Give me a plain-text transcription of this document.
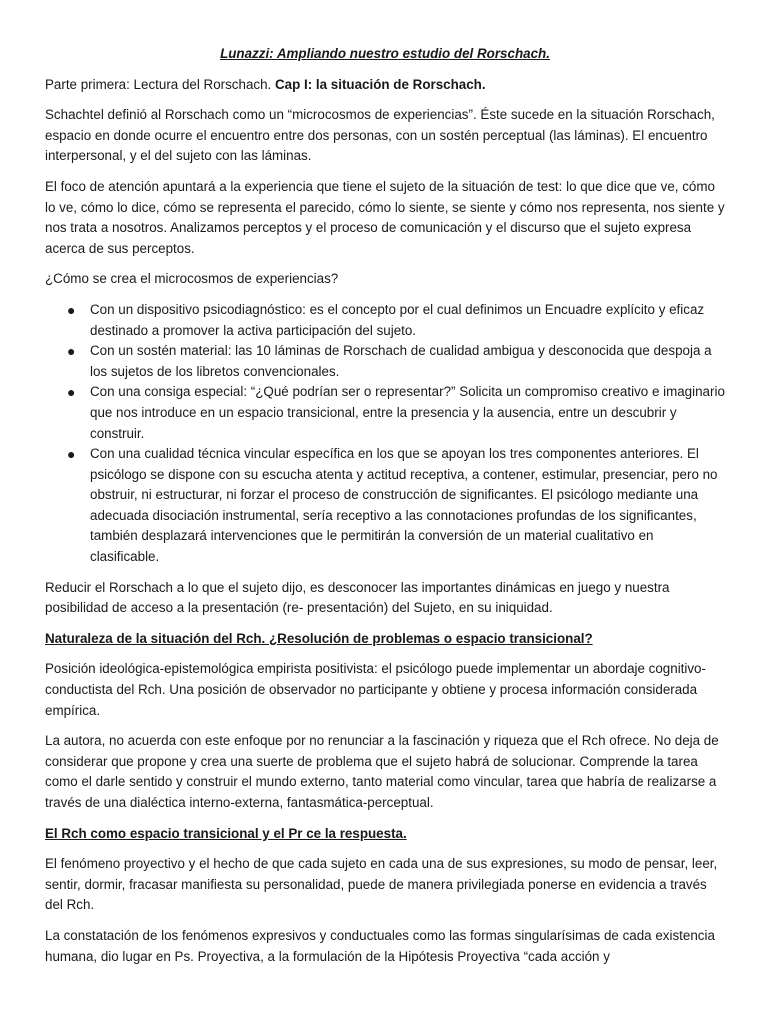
Lunazzi: Ampliando nuestro estudio del Rorschach.

Parte primera: Lectura del Rorschach. Cap I: la situación de Rorschach.

Schachtel definió al Rorschach como un “microcosmos de experiencias”. Éste sucede en la situación Rorschach, espacio en donde ocurre el encuentro entre dos personas, con un sostén perceptual (las láminas). El encuentro interpersonal, y el del sujeto con las láminas.

El foco de atención apuntará a la experiencia que tiene el sujeto de la situación de test: lo que dice que ve, cómo lo ve, cómo lo dice, cómo se representa el parecido, cómo lo siente, se siente y cómo nos representa, nos siente y nos trata a nosotros. Analizamos perceptos y el proceso de comunicación y el discurso que el sujeto expresa acerca de sus perceptos.

¿Cómo se crea el microcosmos de experiencias?

● Con un dispositivo psicodiagnóstico: es el concepto por el cual definimos un Encuadre explícito y eficaz destinado a promover la activa participación del sujeto.
● Con un sostén material: las 10 láminas de Rorschach de cualidad ambigua y desconocida que despoja a los sujetos de los libretos convencionales.
● Con una consiga especial: “¿Qué podrían ser o representar?” Solicita un compromiso creativo e imaginario que nos introduce en un espacio transicional, entre la presencia y la ausencia, entre un descubrir y construir.
● Con una cualidad técnica vincular específica en los que se apoyan los tres componentes anteriores. El psicólogo se dispone con su escucha atenta y actitud receptiva, a contener, estimular, presenciar, pero no obstruir, ni estructurar, ni forzar el proceso de construcción de significantes. El psicólogo mediante una adecuada disociación instrumental, sería receptivo a las connotaciones profundas de los significantes, también desplazará intervenciones que le permitirán la conversión de un material cualitativo en clasificable.

Reducir el Rorschach a lo que el sujeto dijo, es desconocer las importantes dinámicas en juego y nuestra posibilidad de acceso a la presentación (re- presentación) del Sujeto, en su iniquidad.

Naturaleza de la situación del Rch. ¿Resolución de problemas o espacio transicional?

Posición ideológica-epistemológica empirista positivista: el psicólogo puede implementar un abordaje cognitivo-conductista del Rch. Una posición de observador no participante y obtiene y procesa información considerada empírica.

La autora, no acuerda con este enfoque por no renunciar a la fascinación y riqueza que el Rch ofrece. No deja de considerar que propone y crea una suerte de problema que el sujeto habrá de solucionar. Comprende la tarea como el darle sentido y construir el mundo externo, tanto material como vincular, tarea que habría de realizarse a través de una dialéctica interno-externa, fantasmática-perceptual.

El Rch como espacio transicional y el Pr ce la respuesta.

El fenómeno proyectivo y el hecho de que cada sujeto en cada una de sus expresiones, su modo de pensar, leer, sentir, dormir, fracasar manifiesta su personalidad, puede de manera privilegiada ponerse en evidencia a través del Rch.

La constatación de los fenómenos expresivos y conductuales como las formas singularísimas de cada existencia humana, dio lugar en Ps. Proyectiva, a la formulación de la Hipótesis Proyectiva “cada acción y
